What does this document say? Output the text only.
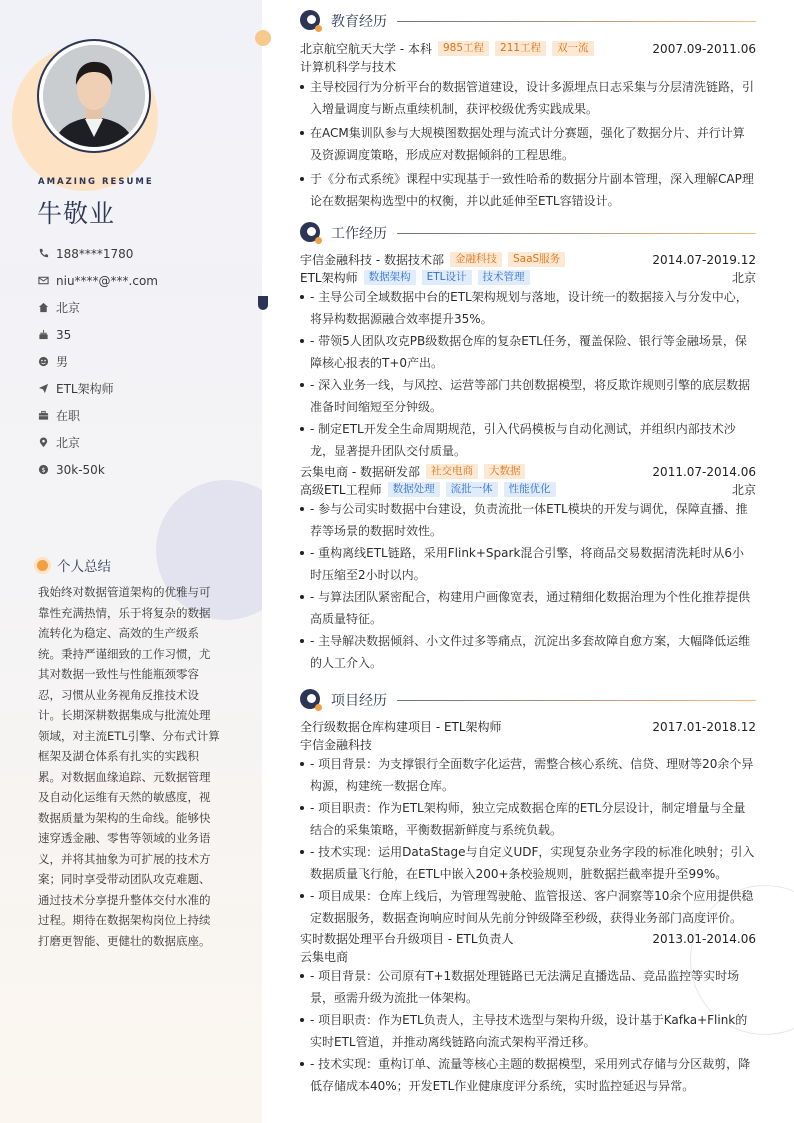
AMAZING RESUME
牛敬业
188****1780
niu****@***.com
北京
35
男
ETL架构师
在职
北京
$ 30k-50k
个人总结
我始终对数据管道架构的优雅与可靠性充满热情，乐于将复杂的数据流转化为稳定、高效的生产级系统。秉持严谨细致的工作习惯，尤其对数据一致性与性能瓶颈零容忍，习惯从业务视角反推技术设计。长期深耕数据集成与批流处理领域，对主流ETL引擎、分布式计算框架及湖仓体系有扎实的实践积累。对数据血缘追踪、元数据管理及自动化运维有天然的敏感度，视数据质量为架构的生命线。能够快速穿透金融、零售等领域的业务语义，并将其抽象为可扩展的技术方案；同时享受带动团队攻克难题、通过技术分享提升整体交付水准的过程。期待在数据架构岗位上持续打磨更智能、更健壮的数据底座。
教育经历
北京航空航天大学 - 本科	985工程	211工程	双一流	2007.09-2011.06
计算机科学与技术
主导校园行为分析平台的数据管道建设，设计多源埋点日志采集与分层清洗链路，引入增量调度与断点重续机制，获评校级优秀实践成果。
在ACM集训队参与大规模图数据处理与流式计分赛题，强化了数据分片、并行计算及资源调度策略，形成应对数据倾斜的工程思维。
于《分布式系统》课程中实现基于一致性哈希的数据分片副本管理，深入理解CAP理论在数据架构选型中的权衡，并以此延伸至ETL容错设计。
工作经历
宇信金融科技 - 数据技术部	金融科技	SaaS服务	2014.07-2019.12
ETL架构师	数据架构	ETL设计	技术管理	北京
- 主导公司全域数据中台的ETL架构规划与落地，设计统一的数据接入与分发中心，将异构数据源融合效率提升35%。
- 带领5人团队攻克PB级数据仓库的复杂ETL任务，覆盖保险、银行等金融场景，保障核心报表的T+0产出。
- 深入业务一线，与风控、运营等部门共创数据模型，将反欺诈规则引擎的底层数据准备时间缩短至分钟级。
- 制定ETL开发全生命周期规范，引入代码模板与自动化测试，并组织内部技术沙龙，显著提升团队交付质量。
云集电商 - 数据研发部	社交电商	大数据	2011.07-2014.06
高级ETL工程师	数据处理	流批一体	性能优化	北京
- 参与公司实时数据中台建设，负责流批一体ETL模块的开发与调优，保障直播、推荐等场景的数据时效性。
- 重构离线ETL链路，采用Flink+Spark混合引擎，将商品交易数据清洗耗时从6小时压缩至2小时以内。
- 与算法团队紧密配合，构建用户画像宽表，通过精细化数据治理为个性化推荐提供高质量特征。
- 主导解决数据倾斜、小文件过多等痛点，沉淀出多套故障自愈方案，大幅降低运维的人工介入。
项目经历
全行级数据仓库构建项目 - ETL架构师	2017.01-2018.12
宇信金融科技
- 项目背景：为支撑银行全面数字化运营，需整合核心系统、信贷、理财等20余个异构源，构建统一数据仓库。
- 项目职责：作为ETL架构师，独立完成数据仓库的ETL分层设计，制定增量与全量结合的采集策略，平衡数据新鲜度与系统负载。
- 技术实现：运用DataStage与自定义UDF，实现复杂业务字段的标准化映射；引入数据质量飞行舱，在ETL中嵌入200+条校验规则，脏数据拦截率提升至99%。
- 项目成果：仓库上线后，为管理驾驶舱、监管报送、客户洞察等10余个应用提供稳定数据服务，数据查询响应时间从先前分钟级降至秒级，获得业务部门高度评价。
实时数据处理平台升级项目 - ETL负责人	2013.01-2014.06
云集电商
- 项目背景：公司原有T+1数据处理链路已无法满足直播选品、竞品监控等实时场景，亟需升级为流批一体架构。
- 项目职责：作为ETL负责人，主导技术选型与架构升级，设计基于Kafka+Flink的实时ETL管道，并推动离线链路向流式架构平滑迁移。
- 技术实现：重构订单、流量等核心主题的数据模型，采用列式存储与分区裁剪，降低存储成本40%；开发ETL作业健康度评分系统，实时监控延迟与异常。
